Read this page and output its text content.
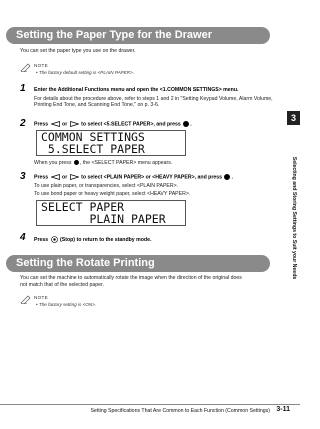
Setting the Paper Type for the Drawer
You can set the paper type you use on the drawer.
NOTE
• The factory default setting is <PLAIN PAPER>.
1 Enter the Additional Functions menu and open the <1.COMMON SETTINGS> menu.
For details about the procedure above, refer to steps 1 and 2 in "Setting Keypad Volume, Alarm Volume,
Printing End Tone, and Scanning End Tone," on p. 3-6.
2 Press	or	to select <5.SELECT PAPER>, and press .
COMMON SETTINGS
5.SELECT PAPER
When you press , the <SELECT PAPER> menu appears.
3 Press	or	to select <PLAIN PAPER> or <HEAVY PAPER>, and press .
To use plain paper, or transparencies, select <PLAIN PAPER>.
To use bond paper or heavy weight paper, select <HEAVY PAPER>.
SELECT PAPER
PLAIN PAPER
4 Press (Stop) to return to the standby mode.
Setting the Rotate Printing
You can set the machine to automatically rotate the image when the direction of the original does
not match that of the selected paper.
NOTE
• The factory setting is <ON>.
3
Selecting and Storing Settings to Suit your Needs
Setting Specifications That Are Common to Each Function (Common Settings) 3-11
